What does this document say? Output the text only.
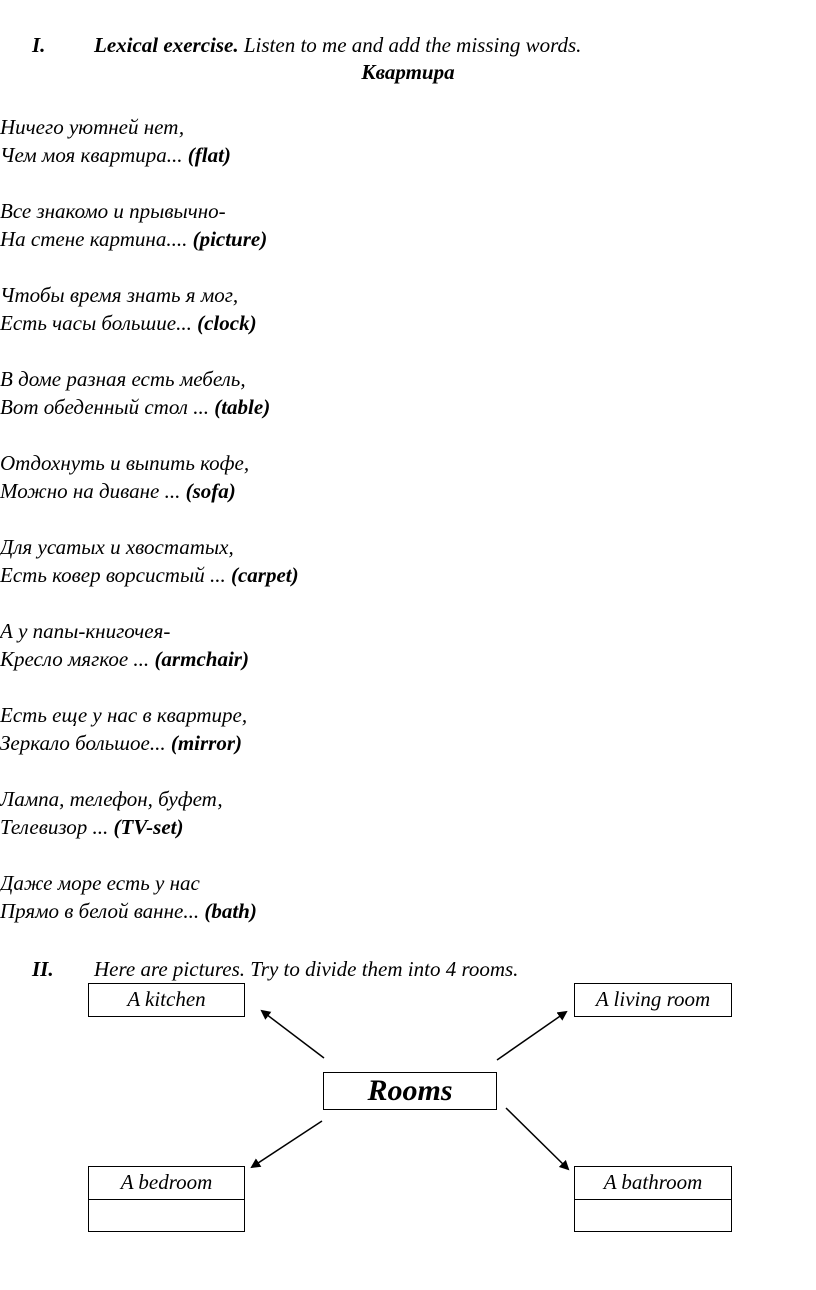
I. Lexical exercise. Listen to me and add the missing words.
Квартира
Ничего уютней нет,
Чем моя квартира... (flat)
Все знакомо и прывычно-
На стене картина.... (picture)
Чтобы время знать я мог,
Есть часы большие... (clock)
В доме разная есть мебель,
Вот обеденный стол ... (table)
Отдохнуть и выпить кофе,
Можно на диване ... (sofa)
Для усатых и хвостатых,
Есть ковер ворсистый ... (carpet)
А у папы-книгочея-
Кресло мягкое ... (armchair)
Есть еще у нас в квартире,
Зеркало большое... (mirror)
Лампа, телефон, буфет,
Телевизор ... (TV-set)
Даже море есть у нас
Прямо в белой ванне... (bath)
II. Here are pictures. Try to divide them into 4 rooms.
A kitchen	A living room
Rooms
A bedroom	A bathroom
